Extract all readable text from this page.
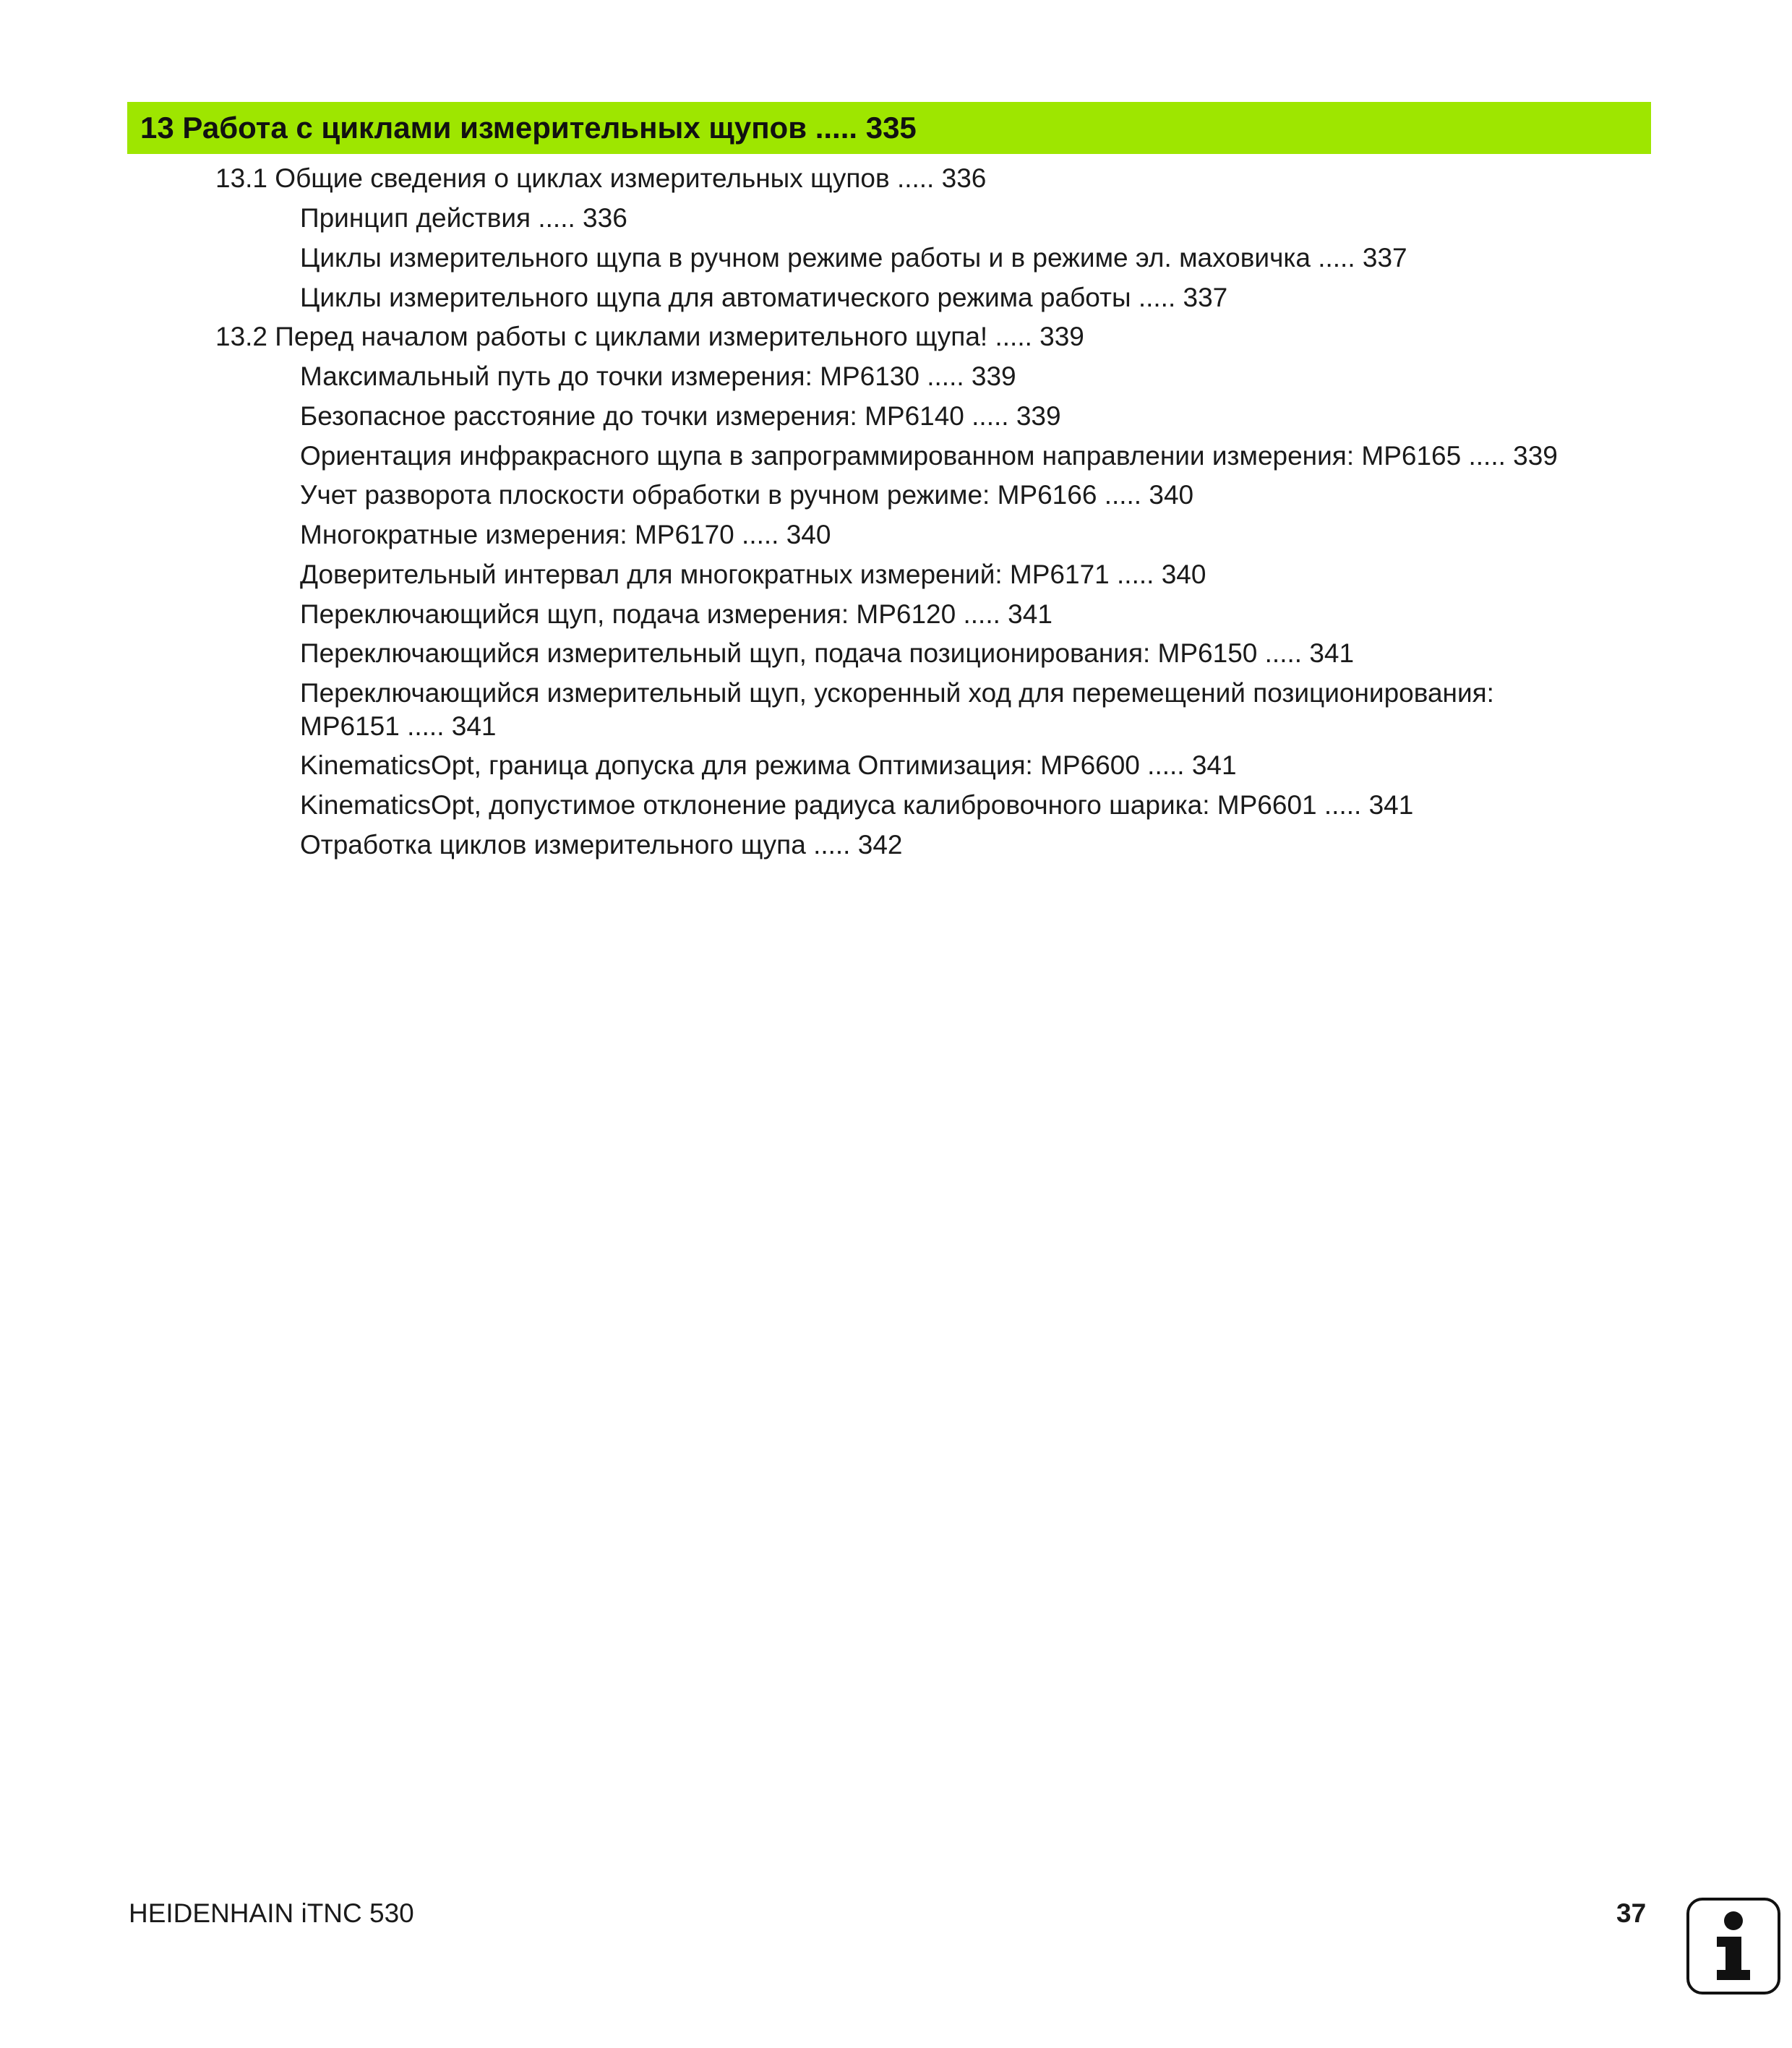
13 Работа с циклами измерительных щупов ..... 335
13.1 Общие сведения о циклах измерительных щупов ..... 336
Принцип действия ..... 336
Циклы измерительного щупа в ручном режиме работы и в режиме эл. маховичка ..... 337
Циклы измерительного щупа для автоматического режима работы ..... 337
13.2 Перед началом работы с циклами измерительного щупа! ..... 339
Максимальный путь до точки измерения: MP6130 ..... 339
Безопасное расстояние до точки измерения: MP6140 ..... 339
Ориентация инфракрасного щупа в запрограммированном направлении измерения: MP6165 ..... 339
Учет разворота плоскости обработки в ручном режиме: MP6166 ..... 340
Многократные измерения: MP6170 ..... 340
Доверительный интервал для многократных измерений: MP6171 ..... 340
Переключающийся щуп, подача измерения: MP6120 ..... 341
Переключающийся измерительный щуп, подача позиционирования: MP6150 ..... 341
Переключающийся измерительный щуп, ускоренный ход для перемещений позиционирования:
MP6151 ..... 341
KinematicsOpt, граница допуска для режима Оптимизация: MP6600 ..... 341
KinematicsOpt, допустимое отклонение радиуса калибровочного шарика: MP6601 ..... 341
Отработка циклов измерительного щупа ..... 342
HEIDENHAIN iTNC 530	37
